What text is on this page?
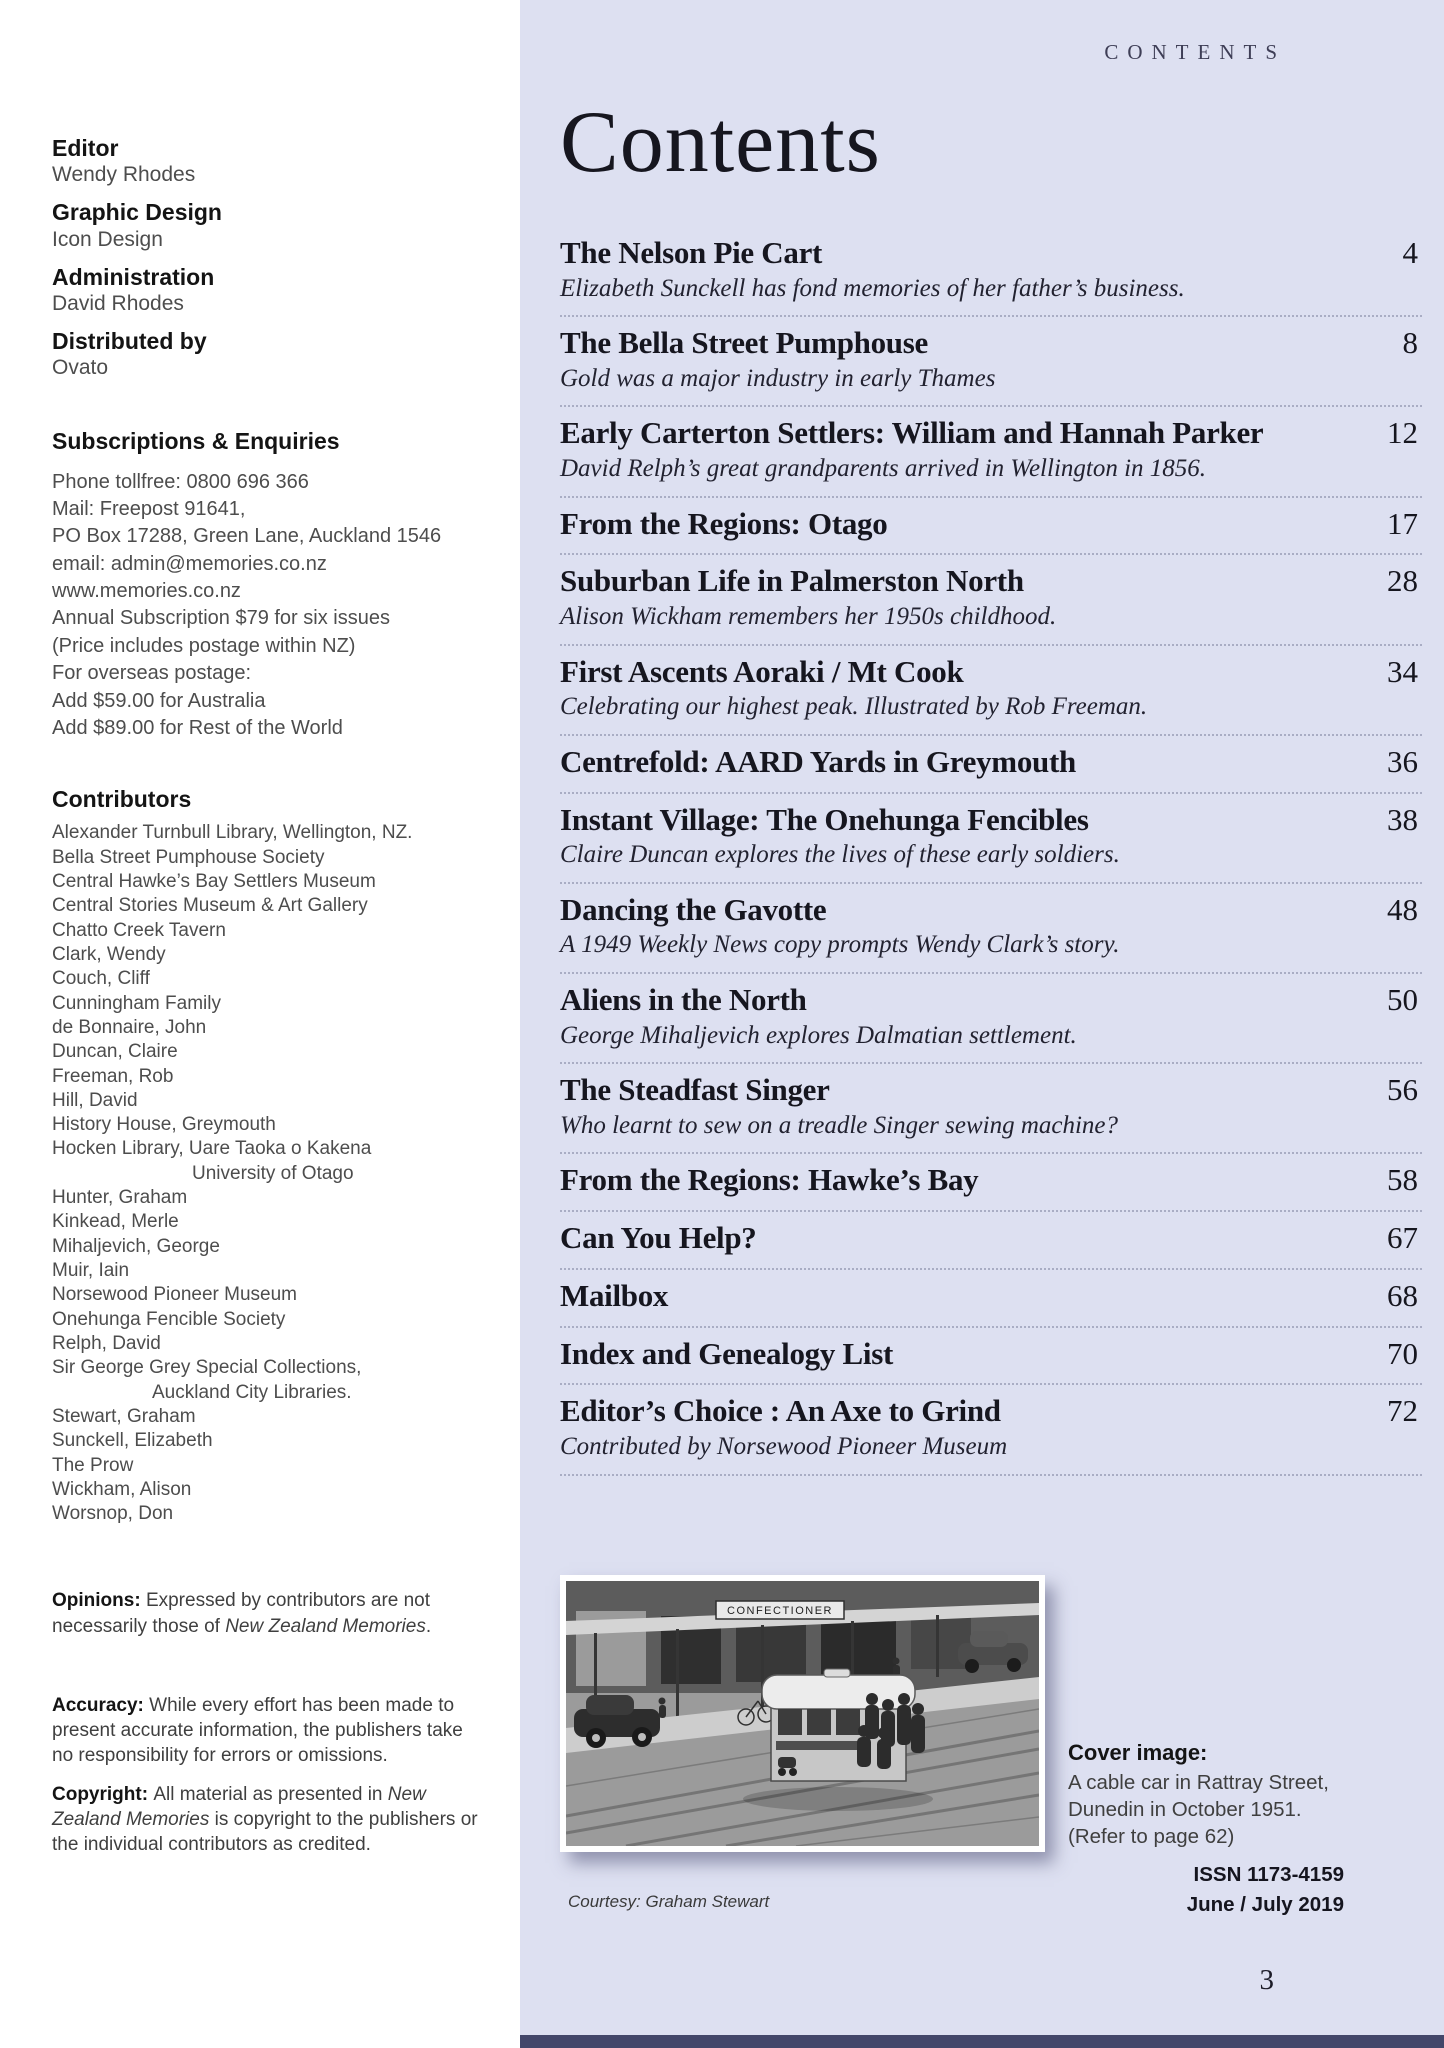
Editor
Wendy Rhodes
Graphic Design
Icon Design
Administration
David Rhodes
Distributed by
Ovato
Subscriptions & Enquiries
Phone tollfree: 0800 696 366
Mail: Freepost 91641,
PO Box 17288, Green Lane, Auckland 1546
email: admin@memories.co.nz
www.memories.co.nz
Annual Subscription $79 for six issues
(Price includes postage within NZ)
For overseas postage:
Add $59.00 for Australia
Add $89.00 for Rest of the World
Contributors
Alexander Turnbull Library, Wellington, NZ.
Bella Street Pumphouse Society
Central Hawke’s Bay Settlers Museum
Central Stories Museum & Art Gallery
Chatto Creek Tavern
Clark, Wendy
Couch, Cliff
Cunningham Family
de Bonnaire, John
Duncan, Claire
Freeman, Rob
Hill, David
History House, Greymouth
Hocken Library, Uare Taoka o Kakena
University of Otago
Hunter, Graham
Kinkead, Merle
Mihaljevich, George
Muir, Iain
Norsewood Pioneer Museum
Onehunga Fencible Society
Relph, David
Sir George Grey Special Collections,
Auckland City Libraries.
Stewart, Graham
Sunckell, Elizabeth
The Prow
Wickham, Alison
Worsnop, Don

Opinions: Expressed by contributors are not necessarily those of New Zealand Memories.

Accuracy: While every effort has been made to present accurate information, the publishers take no responsibility for errors or omissions.

Copyright: All material as presented in New Zealand Memories is copyright to the publishers or the individual contributors as credited.

CONTENTS
Contents
The Nelson Pie Cart	4
Elizabeth Sunckell has fond memories of her father’s business.
The Bella Street Pumphouse	8
Gold was a major industry in early Thames
Early Carterton Settlers: William and Hannah Parker	12
David Relph’s great grandparents arrived in Wellington in 1856.
From the Regions: Otago	17
Suburban Life in Palmerston North	28
Alison Wickham remembers her 1950s childhood.
First Ascents Aoraki / Mt Cook	34
Celebrating our highest peak. Illustrated by Rob Freeman.
Centrefold: AARD Yards in Greymouth	36
Instant Village: The Onehunga Fencibles	38
Claire Duncan explores the lives of these early soldiers.
Dancing the Gavotte	48
A 1949 Weekly News copy prompts Wendy Clark’s story.
Aliens in the North	50
George Mihaljevich explores Dalmatian settlement.
The Steadfast Singer	56
Who learnt to sew on a treadle Singer sewing machine?
From the Regions: Hawke’s Bay	58
Can You Help?	67
Mailbox	68
Index and Genealogy List	70
Editor’s Choice : An Axe to Grind	72
Contributed by Norsewood Pioneer Museum
CONFECTIONER
Courtesy: Graham Stewart
Cover image:
A cable car in Rattray Street,
Dunedin in October 1951.
(Refer to page 62)
ISSN 1173-4159
June / July 2019
3
